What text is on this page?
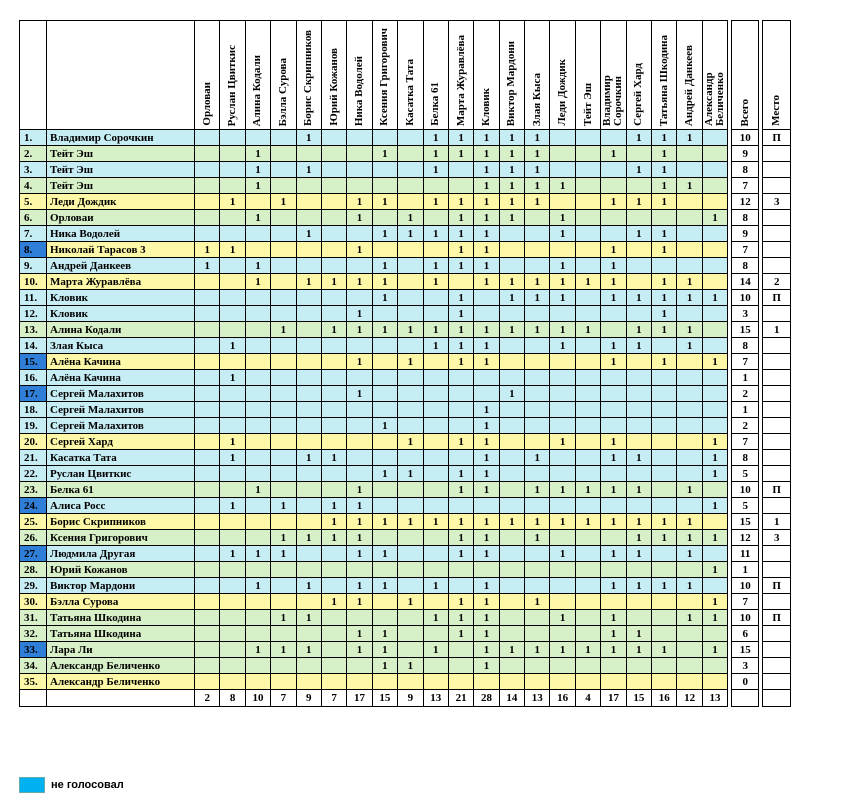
		Орловаи	Руслан Цвиткис	Алина Кодали	Бэлла Сурова	Борис Скрипников	Юрий Кожанов	Ника Водолей	Ксения Григорович	Касатка Тата	Белка 61	Марта Журавлёва	Кловик	Виктор Мардони	Злая Кыса	Леди Дождик	Тейт Эш	Владимир Сорочкин	Сергей Хард	Татьяна Шкодина	Андрей Данкеев	Александр Беличенко		Всего		Место
1.	Владимир Сорочкин					1					1	1	1	1	1				1	1	1			10		П
2.	Тейт Эш			1					1		1	1	1	1	1			1		1				9		
3.	Тейт Эш			1		1					1		1	1	1				1	1				8		
4.	Тейт Эш			1									1	1	1	1				1	1			7		
5.	Леди Дождик		1		1			1	1		1	1	1	1	1			1	1	1				12		3
6.	Орловаи			1				1		1		1	1	1		1						1		8		
7.	Ника Водолей					1			1	1	1	1	1			1			1	1				9		
8.	Николай Тарасов 3	1	1					1				1	1					1		1				7		
9.	Андрей Данкеев	1		1					1		1	1	1			1		1						8		
10.	Марта Журавлёва			1		1	1	1	1		1		1	1	1	1	1	1		1	1			14		2
11.	Кловик								1			1		1	1	1		1	1	1	1	1		10		П
12.	Кловик							1				1								1				3		
13.	Алина Кодали				1		1	1	1	1	1	1	1	1	1	1	1		1	1	1			15		1
14.	Злая Кыса		1								1	1	1			1		1	1		1			8		
15.	Алёна Качина							1		1		1	1					1		1		1		7		
16.	Алёна Качина		1																					1		
17.	Сергей Малахитов							1						1										2		
18.	Сергей Малахитов												1											1		
19.	Сергей Малахитов								1				1											2		
20.	Сергей Хард		1							1		1	1			1		1				1		7		
21.	Касатка Тата		1			1	1						1		1			1	1			1		8		
22.	Руслан Цвиткис								1	1		1	1									1		5		
23.	Белка 61			1				1				1	1		1	1	1	1	1		1			10		П
24.	Алиса Росс		1		1		1	1														1		5		
25.	Борис Скрипников						1	1	1	1	1	1	1	1	1	1	1	1	1	1	1			15		1
26.	Ксения Григорович				1	1	1	1				1	1		1				1	1	1	1		12		3
27.	Людмила Другая		1	1	1			1	1			1	1			1		1	1		1			11		
28.	Юрий Кожанов																					1		1		
29.	Виктор Мардони			1		1		1	1		1		1					1	1	1	1			10		П
30.	Бэлла Сурова						1	1		1		1	1		1							1		7		
31.	Татьяна Шкодина				1	1					1	1	1			1		1			1	1		10		П
32.	Татьяна Шкодина							1	1			1	1					1	1					6		
33.	Лара Ли			1	1	1		1	1		1		1	1	1	1	1	1	1	1		1		15		
34.	Александр Беличенко								1	1			1											3		
35.	Александр Беличенко																							0		
		2	8	10	7	9	7	17	15	9	13	21	28	14	13	16	4	17	15	16	12	13				
не голосовал
